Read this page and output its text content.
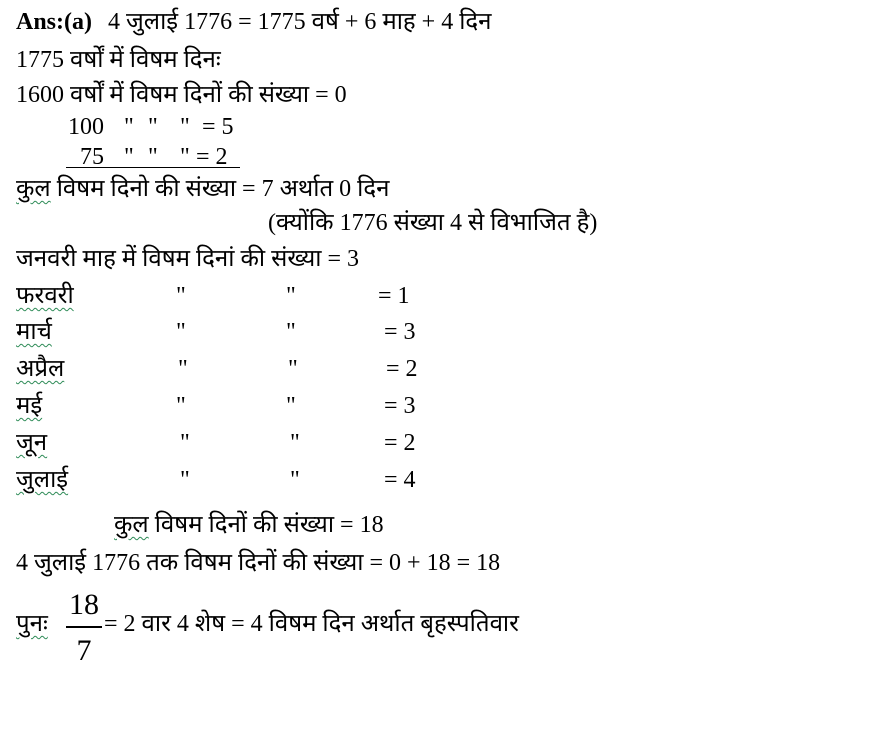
Ans:(a) 4 जुलाई 1776 = 1775 वर्ष + 6 माह + 4 दिन
1775 वर्षों में विषम दिनः
1600 वर्षों में विषम दिनों की संख्या = 0
100 " " " = 5
75 " " " = 2
कुल विषम दिनो की संख्या = 7 अर्थात 0 दिन
(क्योंकि 1776 संख्या 4 से विभाजित है)
जनवरी माह में विषम दिनां की संख्या = 3
फरवरी	"	"	= 1
मार्च	"	"	= 3
अप्रैल	"	"	= 2
मई	"	"	= 3
जून	"	"	= 2
जुलाई	"	"	= 4
कुल विषम दिनों की संख्या = 18
4 जुलाई 1776 तक विषम दिनों की संख्या = 0 + 18 = 18
पुनः
18
7
= 2 वार 4 शेष = 4 विषम दिन अर्थात बृहस्पतिवार
